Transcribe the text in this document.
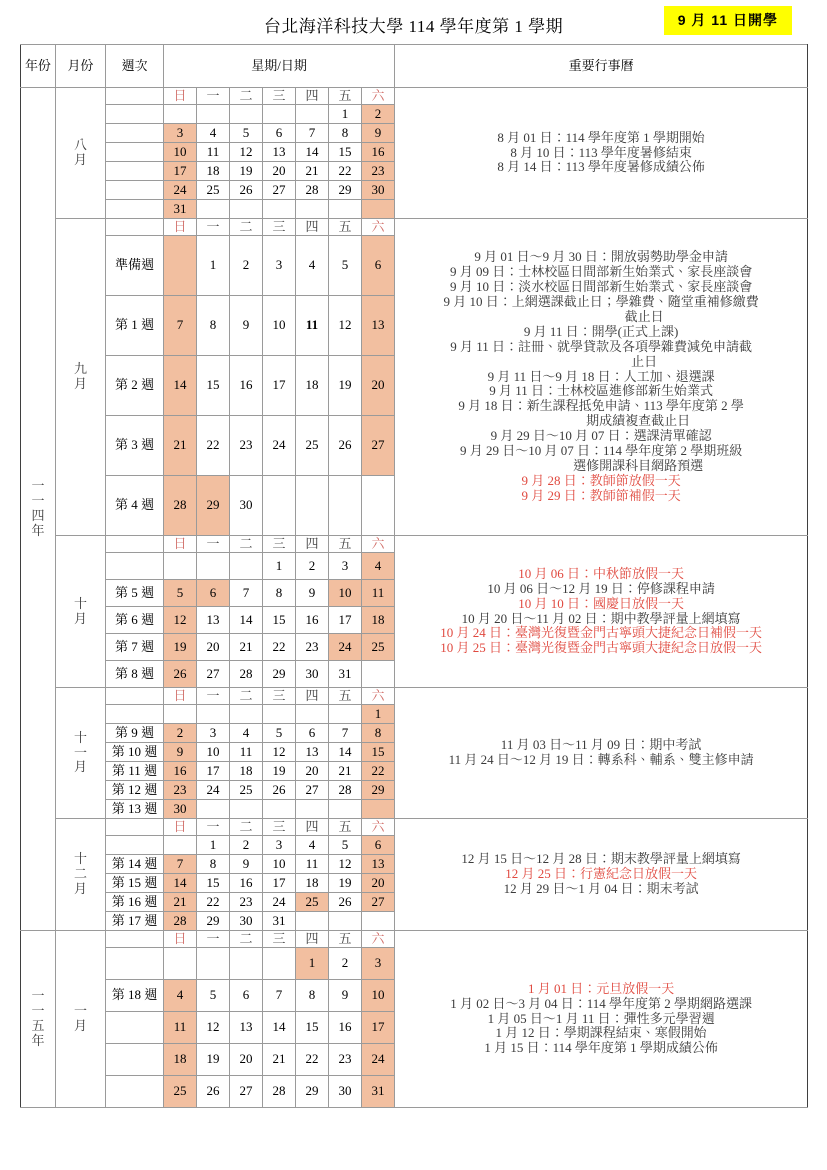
台北海洋科技大學 114 學年度第 1 學期	9 月 11 日開學
年份	月份	週次	星期/日期							重要行事曆

一
一
四
年

八
月
		日	一	二	三	四	五	六	
8 月 01 日：114 學年度第 1 學期開始
8 月 10 日：113 學年度暑修結束
8 月 14 日：113 學年度暑修成績公佈

								1	2	
			3	4	5	6	7	8	9	
			10	11	12	13	14	15	16	
			17	18	19	20	21	22	23	
			24	25	26	27	28	29	30	
			31							

九
月
		日	一	二	三	四	五	六	
9 月 01 日～9 月 30 日：開放弱勢助學金申請
9 月 09 日：士林校區日間部新生始業式、家長座談會
9 月 10 日：淡水校區日間部新生始業式、家長座談會
9 月 10 日：上網選課截止日；學雜費、隨堂重補修繳費
截止日
9 月 11 日：開學(正式上課)
9 月 11 日：註冊、就學貸款及各項學雜費減免申請截
止日
9 月 11 日～9 月 18 日：人工加、退選課
9 月 11 日：士林校區進修部新生始業式
9 月 18 日：新生課程抵免申請、113 學年度第 2 學
期成績複查截止日
9 月 29 日～10 月 07 日：選課清單確認
9 月 29 日～10 月 07 日：114 學年度第 2 學期班級
選修開課科目網路預選
9 月 28 日：教師節放假一天
9 月 29 日：教師節補假一天

		準備週		1	2	3	4	5	6	
		第 1 週	7	8	9	10	11	12	13	
		第 2 週	14	15	16	17	18	19	20	
		第 3 週	21	22	23	24	25	26	27	
		第 4 週	28	29	30					

十
月
		日	一	二	三	四	五	六	
10 月 06 日：中秋節放假一天
10 月 06 日～12 月 19 日：停修課程申請
10 月 10 日：國慶日放假一天
10 月 20 日～11 月 02 日：期中教學評量上網填寫
10 月 24 日：臺灣光復暨金門古寧頭大捷紀念日補假一天
10 月 25 日：臺灣光復暨金門古寧頭大捷紀念日放假一天

						1	2	3	4	
		第 5 週	5	6	7	8	9	10	11	
		第 6 週	12	13	14	15	16	17	18	
		第 7 週	19	20	21	22	23	24	25	
		第 8 週	26	27	28	29	30	31		

十
一
月
		日	一	二	三	四	五	六	
11 月 03 日～11 月 09 日：期中考試
11 月 24 日～12 月 19 日：轉系科、輔系、雙主修申請

									1	
		第 9 週	2	3	4	5	6	7	8	
		第 10 週	9	10	11	12	13	14	15	
		第 11 週	16	17	18	19	20	21	22	
		第 12 週	23	24	25	26	27	28	29	
		第 13 週	30							

十
二
月
		日	一	二	三	四	五	六	
12 月 15 日～12 月 28 日：期末教學評量上網填寫
12 月 25 日：行憲紀念日放假一天
12 月 29 日～1 月 04 日：期末考試

				1	2	3	4	5	6	
		第 14 週	7	8	9	10	11	12	13	
		第 15 週	14	15	16	17	18	19	20	
		第 16 週	21	22	23	24	25	26	27	
		第 17 週	28	29	30	31				

一
一
五
年

一
月
		日	一	二	三	四	五	六	
1 月 01 日：元旦放假一天
1 月 02 日～3 月 04 日：114 學年度第 2 學期網路選課
1 月 05 日～1 月 11 日：彈性多元學習週
1 月 12 日：學期課程結束、寒假開始
1 月 15 日：114 學年度第 1 學期成績公佈

							1	2	3	
		第 18 週	4	5	6	7	8	9	10	
			11	12	13	14	15	16	17	
			18	19	20	21	22	23	24	
			25	26	27	28	29	30	31	
